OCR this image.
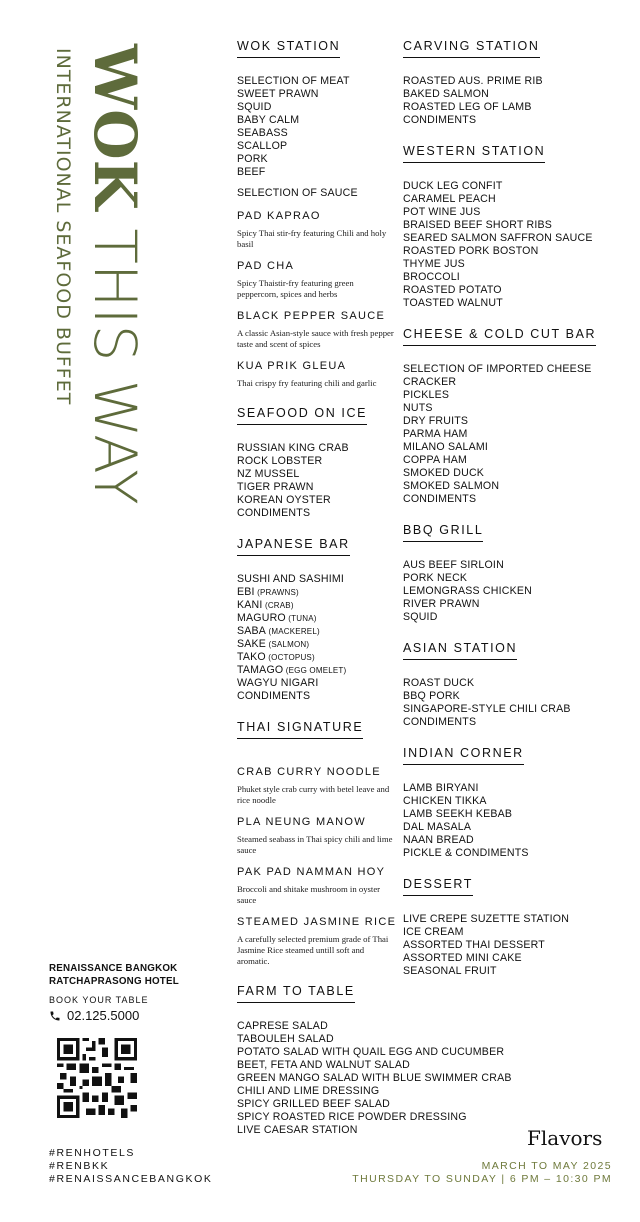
WOK THIS WAY
INTERNATIONAL SEAFOOD BUFFET
WOK STATION
SELECTION OF MEAT
SWEET PRAWN
SQUID
BABY CALM
SEABASS
SCALLOP
PORK
BEEF
SELECTION OF SAUCE
PAD KAPRAO
Spicy Thai stir-fry featuring Chili and holy basil
PAD CHA
Spicy Thaistir-fry featuring green peppercorn, spices and herbs
BLACK PEPPER SAUCE
A classic Asian-style sauce with fresh pepper taste and scent of spices
KUA PRIK GLEUA
Thai crispy fry featuring chili and garlic
SEAFOOD ON ICE
RUSSIAN KING CRAB
ROCK LOBSTER
NZ MUSSEL
TIGER PRAWN
KOREAN OYSTER
CONDIMENTS
JAPANESE BAR
SUSHI AND SASHIMI
EBI (PRAWNS)
KANI (CRAB)
MAGURO (TUNA)
SABA (MACKEREL)
SAKE (SALMON)
TAKO (OCTOPUS)
TAMAGO (EGG OMELET)
WAGYU NIGARI
CONDIMENTS
THAI SIGNATURE
CRAB CURRY NOODLE
Phuket style crab curry with betel leave and rice noodle
PLA NEUNG MANOW
Steamed seabass in Thai spicy chili and lime sauce
PAK PAD NAMMAN HOY
Broccoli and shitake mushroom in oyster sauce
STEAMED JASMINE RICE
A carefully selected premium grade of Thai Jasmine Rice steamed untill soft and aromatic.
FARM TO TABLE
CAPRESE SALAD
TABOULEH SALAD
POTATO SALAD WITH QUAIL EGG AND CUCUMBER
BEET, FETA AND WALNUT SALAD
GREEN MANGO SALAD WITH BLUE SWIMMER CRAB
CHILI AND LIME DRESSING
SPICY GRILLED BEEF SALAD
SPICY ROASTED RICE POWDER DRESSING
LIVE CAESAR STATION
CARVING STATION
ROASTED AUS. PRIME RIB
BAKED SALMON
ROASTED LEG OF LAMB
CONDIMENTS
WESTERN STATION
DUCK LEG CONFIT
CARAMEL PEACH
POT WINE JUS
BRAISED BEEF SHORT RIBS
SEARED SALMON SAFFRON SAUCE
ROASTED PORK BOSTON
THYME JUS
BROCCOLI
ROASTED POTATO
TOASTED WALNUT
CHEESE & COLD CUT BAR
SELECTION OF IMPORTED CHEESE
CRACKER
PICKLES
NUTS
DRY FRUITS
PARMA HAM
MILANO SALAMI
COPPA HAM
SMOKED DUCK
SMOKED SALMON
CONDIMENTS
BBQ GRILL
AUS BEEF SIRLOIN
PORK NECK
LEMONGRASS CHICKEN
RIVER PRAWN
SQUID
ASIAN STATION
ROAST DUCK
BBQ PORK
SINGAPORE-STYLE CHILI CRAB
CONDIMENTS
INDIAN CORNER
LAMB BIRYANI
CHICKEN TIKKA
LAMB SEEKH KEBAB
DAL MASALA
NAAN BREAD
PICKLE & CONDIMENTS
DESSERT
LIVE CREPE SUZETTE STATION
ICE CREAM
ASSORTED THAI DESSERT
ASSORTED MINI CAKE
SEASONAL FRUIT
RENAISSANCE BANGKOK
RATCHAPRASONG HOTEL
BOOK YOUR TABLE
02.125.5000
#RENHOTELS
#RENBKK
#RENAISSANCEBANGKOK
Flavors
MARCH TO MAY 2025
THURSDAY TO SUNDAY | 6 PM – 10:30 PM
